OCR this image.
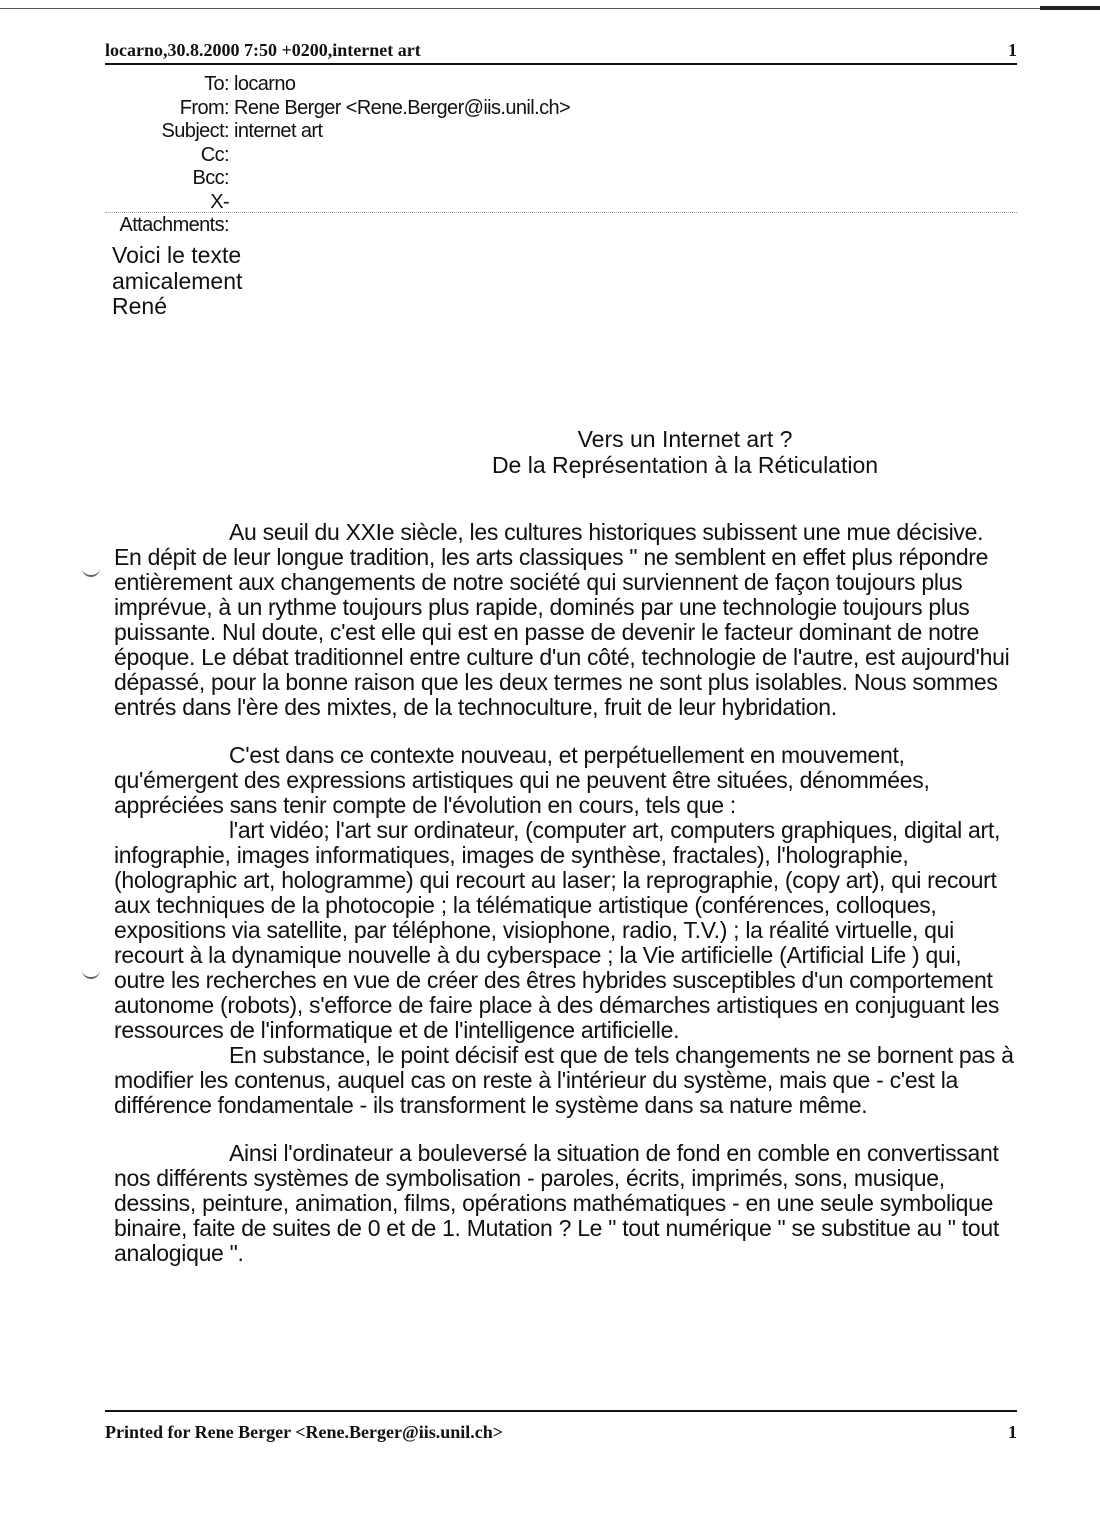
locarno,30.8.2000 7:50 +0200,internet art	1
To: locarno
From: Rene Berger <Rene.Berger@iis.unil.ch>
Subject: internet art
Cc:
Bcc:
X-Attachments:
Voici le texte
amicalement
René
Vers un Internet art ?
De la Représentation à la Réticulation

Au seuil du XXIe siècle, les cultures historiques subissent une mue décisive. En dépit de leur longue tradition, les arts classiques " ne semblent en effet plus répondre entièrement aux changements de notre société qui surviennent de façon toujours plus imprévue, à un rythme toujours plus rapide, dominés par une technologie toujours plus puissante. Nul doute, c'est elle qui est en passe de devenir le facteur dominant de notre époque. Le débat traditionnel entre culture d'un côté, technologie de l'autre, est aujourd'hui dépassé, pour la bonne raison que les deux termes ne sont plus isolables. Nous sommes entrés dans l'ère des mixtes, de la technoculture, fruit de leur hybridation.

C'est dans ce contexte nouveau, et perpétuellement en mouvement, qu'émergent des expressions artistiques qui ne peuvent être situées, dénommées, appréciées sans tenir compte de l'évolution en cours, tels que :

l'art vidéo; l'art sur ordinateur, (computer art, computers graphiques, digital art, infographie, images informatiques, images de synthèse, fractales), l'holographie, (holographic art, hologramme) qui recourt au laser; la reprographie, (copy art), qui recourt aux techniques de la photocopie ; la télématique artistique (conférences, colloques, expositions via satellite, par téléphone, visiophone, radio, T.V.) ; la réalité virtuelle, qui recourt à la dynamique nouvelle à du cyberspace ; la Vie artificielle (Artificial Life ) qui, outre les recherches en vue de créer des êtres hybrides susceptibles d'un comportement autonome (robots), s'efforce de faire place à des démarches artistiques en conjuguant les ressources de l'informatique et de l'intelligence artificielle.

En substance, le point décisif est que de tels changements ne se bornent pas à modifier les contenus, auquel cas on reste à l'intérieur du système, mais que - c'est la différence fondamentale - ils transforment le système dans sa nature même.

Ainsi l'ordinateur a bouleversé la situation de fond en comble en convertissant nos différents systèmes de symbolisation - paroles, écrits, imprimés, sons, musique, dessins, peinture, animation, films, opérations mathématiques - en une seule symbolique binaire, faite de suites de 0 et de 1. Mutation ? Le " tout numérique " se substitue au " tout analogique ".

Printed for Rene Berger <Rene.Berger@iis.unil.ch>	1
